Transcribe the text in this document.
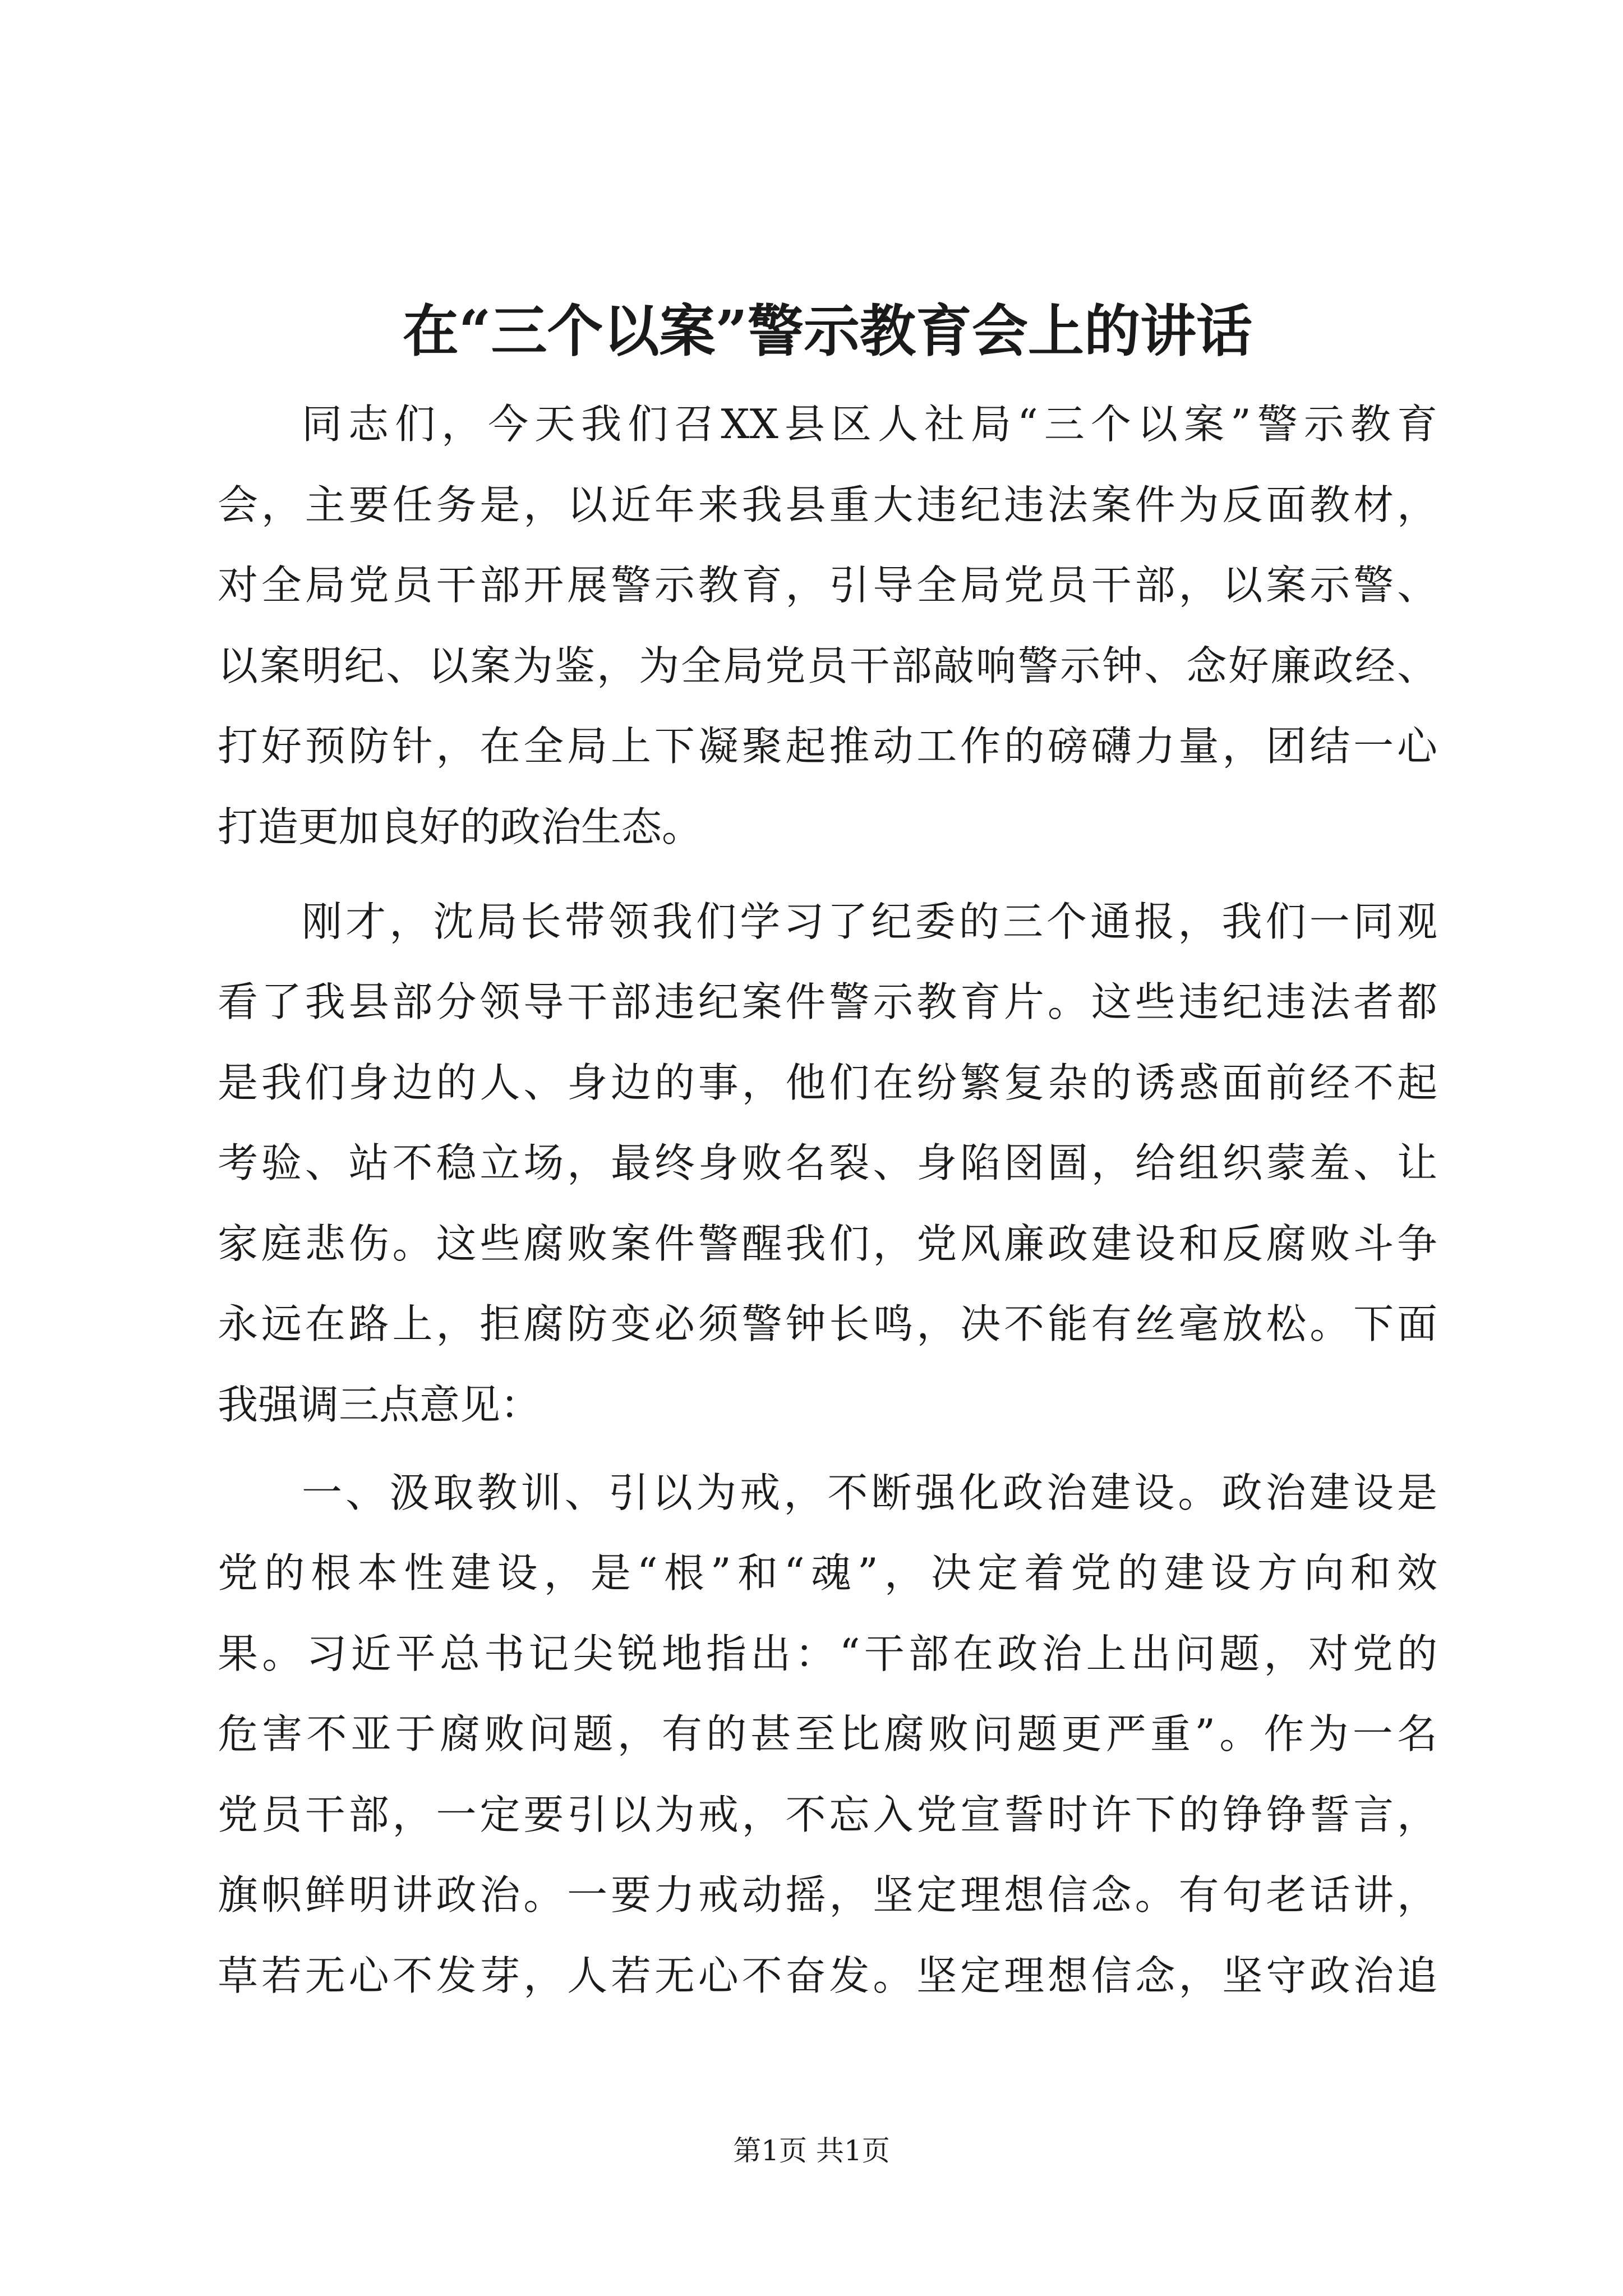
在“三个以案”警示教育会上的讲话
同志们，今天我们召XX县区人社局“三个以案”警示教育
会，主要任务是，以近年来我县重大违纪违法案件为反面教材，
对全局党员干部开展警示教育，引导全局党员干部，以案示警、
以案明纪、以案为鉴，为全局党员干部敲响警示钟、念好廉政经、
打好预防针，在全局上下凝聚起推动工作的磅礴力量，团结一心
打造更加良好的政治生态。
刚才，沈局长带领我们学习了纪委的三个通报，我们一同观
看了我县部分领导干部违纪案件警示教育片。这些违纪违法者都
是我们身边的人、身边的事，他们在纷繁复杂的诱惑面前经不起
考验、站不稳立场，最终身败名裂、身陷囹圄，给组织蒙羞、让
家庭悲伤。这些腐败案件警醒我们，党风廉政建设和反腐败斗争
永远在路上，拒腐防变必须警钟长鸣，决不能有丝毫放松。下面
我强调三点意见：
一、汲取教训、引以为戒，不断强化政治建设。政治建设是
党的根本性建设，是“根”和“魂”，决定着党的建设方向和效
果。习近平总书记尖锐地指出：“干部在政治上出问题，对党的
危害不亚于腐败问题，有的甚至比腐败问题更严重”。作为一名
党员干部，一定要引以为戒，不忘入党宣誓时许下的铮铮誓言，
旗帜鲜明讲政治。一要力戒动摇，坚定理想信念。有句老话讲，
草若无心不发芽，人若无心不奋发。坚定理想信念，坚守政治追
第1页 共1页
